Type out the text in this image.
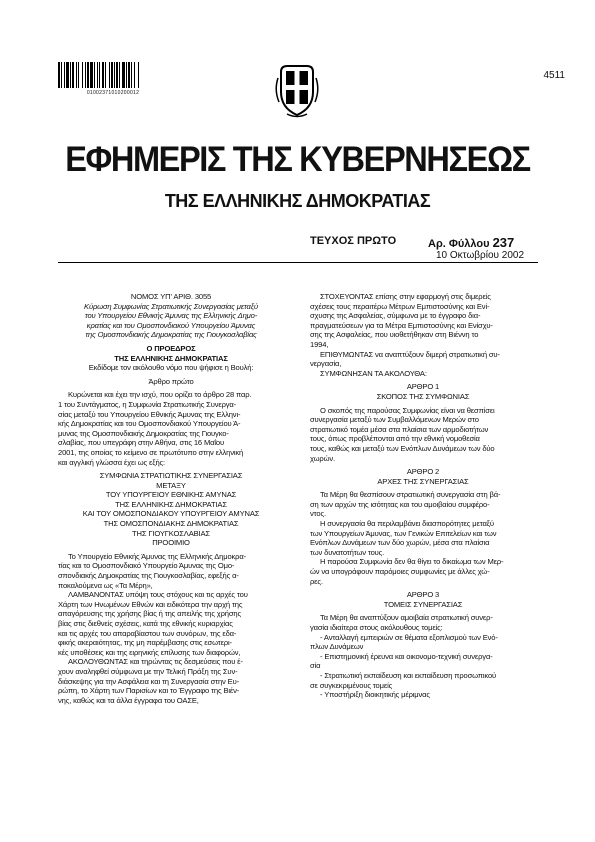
01002371010200012
4511
ΕΦΗΜΕΡΙΣ ΤΗΣ ΚΥΒΕΡΝΗΣΕΩΣ
ΤΗΣ ΕΛΛΗΝΙΚΗΣ ΔΗΜΟΚΡΑΤΙΑΣ
ΤΕΥΧΟΣ ΠΡΩΤΟ	Αρ. Φύλλου 237
10 Οκτωβρίου 2002
ΝΟΜΟΣ ΥΠ' ΑΡΙΘ. 3055
Κύρωση Συμφωνίας Στρατιωτικής Συνεργασίας μεταξύ
του Υπουργείου Εθνικής Άμυνας της Ελληνικής Δημο-
κρατίας και του Ομοσπονδιακού Υπουργείου Άμυνας
της Ομοσπονδιακής Δημοκρατίας της Γιουγκοσλαβίας
Ο ΠΡΟΕΔΡΟΣ
ΤΗΣ ΕΛΛΗΝΙΚΗΣ ΔΗΜΟΚΡΑΤΙΑΣ
Εκδίδομε τον ακόλουθο νόμο που ψήφισε η Βουλή:
Άρθρο πρώτο
Κυρώνεται και έχει την ισχύ, που ορίζει το άρθρο 28 παρ.
1 του Συντάγματος, η Συμφωνία Στρατιωτικής Συνεργα-
σίας μεταξύ του Υπουργείου Εθνικής Άμυνας της Ελληνι-
κής Δημοκρατίας και του Ομοσπονδιακού Υπουργείου Ά-
μυνας της Ομοσπονδιακής Δημοκρατίας της Γιουγκο-
σλαβίας, που υπεγράφη στην Αθήνα, στις 16 Μαΐου
2001, της οποίας το κείμενο σε πρωτότυπο στην ελληνική
και αγγλική γλώσσα έχει ως εξής:
ΣΥΜΦΩΝΙΑ ΣΤΡΑΤΙΩΤΙΚΗΣ ΣΥΝΕΡΓΑΣΙΑΣ
ΜΕΤΑΞΥ
ΤΟΥ ΥΠΟΥΡΓΕΙΟΥ ΕΘΝΙΚΗΣ ΑΜΥΝΑΣ
ΤΗΣ ΕΛΛΗΝΙΚΗΣ ΔΗΜΟΚΡΑΤΙΑΣ
ΚΑΙ ΤΟΥ ΟΜΟΣΠΟΝΔΙΑΚΟΥ ΥΠΟΥΡΓΕΙΟΥ ΑΜΥΝΑΣ
ΤΗΣ ΟΜΟΣΠΟΝΔΙΑΚΗΣ ΔΗΜΟΚΡΑΤΙΑΣ
ΤΗΣ ΓΙΟΥΓΚΟΣΛΑΒΙΑΣ
ΠΡΟΟΙΜΙΟ
Το Υπουργείο Εθνικής Άμυνας της Ελληνικής Δημοκρα-
τίας και το Ομοσπονδιακό Υπουργείο Άμυνας της Ομο-
σπονδιακής Δημοκρατίας της Γιουγκοσλαβίας, εφεξής α-
ποκαλούμενα ως «Τα Μέρη»,
ΛΑΜΒΑΝΟΝΤΑΣ υπόψη τους στόχους και τις αρχές του
Χάρτη των Ηνωμένων Εθνών και ειδικότερα την αρχή της
απαγόρευσης της χρήσης βίας ή της απειλής της χρήσης
βίας στις διεθνείς σχέσεις, κατά της εθνικής κυριαρχίας
και τις αρχές του απαραβίαστου των συνόρων, της εδα-
φικής ακεραιότητας, της μη παρέμβασης στις εσωτερι-
κές υποθέσεις και της ειρηνικής επίλυσης των διαφορών,
ΑΚΟΛΟΥΘΩΝΤΑΣ και τηρώντας τις δεσμεύσεις που έ-
χουν αναληφθεί σύμφωνα με την Τελική Πράξη της Συν-
διάσκεψης για την Ασφάλεια και τη Συνεργασία στην Ευ-
ρώπη, το Χάρτη των Παρισίων και το Έγγραφο της Βιέν-
νης, καθώς και τα άλλα έγγραφα του ΟΑΣΕ,
ΣΤΟΧΕΥΟΝΤΑΣ επίσης στην εφαρμογή στις διμερείς
σχέσεις τους περαιτέρω Μέτρων Εμπιστοσύνης και Ενί-
σχυσης της Ασφαλείας, σύμφωνα με το έγγραφο δια-
πραγματεύσεων για τα Μέτρα Εμπιστοσύνης και Ενίσχυ-
σης της Ασφαλείας, που υιοθετήθηκαν στη Βιέννη το
1994,
ΕΠΙΘΥΜΩΝΤΑΣ να αναπτύξουν διμερή στρατιωτική συ-
νεργασία,
ΣΥΜΦΩΝΗΣΑΝ ΤΑ ΑΚΟΛΟΥΘΑ:
ΑΡΘΡΟ 1
ΣΚΟΠΟΣ ΤΗΣ ΣΥΜΦΩΝΙΑΣ
Ο σκοπός της παρούσας Συμφωνίας είναι να θεσπίσει
συνεργασία μεταξύ των Συμβαλλόμενων Μερών στο
στρατιωτικό τομέα μέσα στα πλαίσια των αρμοδιοτήτων
τους, όπως προβλέπονται από την εθνική νομοθεσία
τους, καθώς και μεταξύ των Ενόπλων Δυνάμεων των δύο
χωρών.
ΑΡΘΡΟ 2
ΑΡΧΕΣ ΤΗΣ ΣΥΝΕΡΓΑΣΙΑΣ
Τα Μέρη θα θεσπίσουν στρατιωτική συνεργασία στη βά-
ση των αρχών της ισότητας και του αμοιβαίου συμφέρο-
ντος.
Η συνεργασία θα περιλαμβάνει διασπορότητες μεταξύ
των Υπουργείων Άμυνας, των Γενικών Επιτελείων και των
Ενόπλων Δυνάμεων των δύο χωρών, μέσα στα πλαίσια
των δυνατοτήτων τους.
Η παρούσα Συμφωνία δεν θα θίγει το δικαίωμα των Μερ-
ών να υπογράφουν παρόμοιες συμφωνίες με άλλες χώ-
ρες.
ΑΡΘΡΟ 3
ΤΟΜΕΙΣ ΣΥΝΕΡΓΑΣΙΑΣ
Τα Μέρη θα αναπτύξουν αμοιβαία στρατιωτική συνερ-
γασία ιδιαίτερα στους ακόλουθους τομείς:
- Ανταλλαγή εμπειριών σε θέματα εξοπλισμού των Ενό-
πλων Δυνάμεων
- Επιστημονική έρευνα και οικονομο-τεχνική συνεργα-
σία
- Στρατιωτική εκπαίδευση και εκπαίδευση προσωπικού
σε συγκεκριμένους τομείς
- Υποστήριξη διοικητικής μέριμνας
